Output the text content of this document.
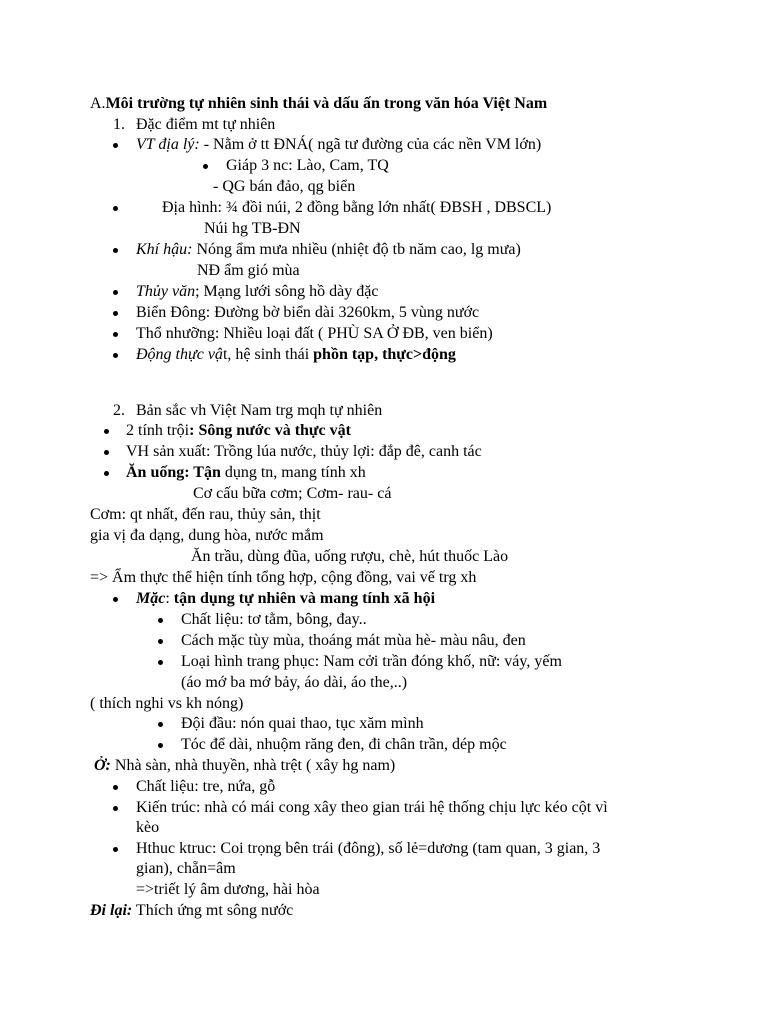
A.Môi trường tự nhiên sinh thái và dấu ấn trong văn hóa Việt Nam
1. Đặc điểm mt tự nhiên
VT địa lý: - Nằm ở tt ĐNÁ( ngã tư đường của các nền VM lớn)
Giáp 3 nc: Lào, Cam, TQ
- QG bán đảo, qg biển
Địa hình: ¾ đồi núi, 2 đồng bằng lớn nhất( ĐBSH , DBSCL)
Núi hg TB-ĐN
Khí hậu: Nóng ẩm mưa nhiều (nhiệt độ tb năm cao, lg mưa)
NĐ ẩm gió mùa
Thủy văn; Mạng lưới sông hồ dày đặc
Biển Đông: Đường bờ biển dài 3260km, 5 vùng nước
Thổ nhưỡng: Nhiều loại đất ( PHÙ SA Ở ĐB, ven biển)
Động thực vật, hệ sinh thái phồn tạp, thực>động
2. Bản sắc vh Việt Nam trg mqh tự nhiên
2 tính trội: Sông nước và thực vật
VH sản xuất: Trồng lúa nước, thủy lợi: đắp đê, canh tác
Ăn uống: Tận dụng tn, mang tính xh
Cơ cấu bữa cơm; Cơm- rau- cá
Cơm: qt nhất, đến rau, thủy sản, thịt
gia vị đa dạng, dung hòa, nước mắm
Ăn trầu, dùng đũa, uống rượu, chè, hút thuốc Lào
=> Ẩm thực thể hiện tính tổng hợp, cộng đồng, vai vế trg xh
Mặc: tận dụng tự nhiên và mang tính xã hội
Chất liệu: tơ tằm, bông, đay..
Cách mặc tùy mùa, thoáng mát mùa hè- màu nâu, đen
Loại hình trang phục: Nam cởi trần đóng khố, nữ: váy, yếm
(áo mớ ba mớ bảy, áo dài, áo the,..)
( thích nghi vs kh nóng)
Đội đầu: nón quai thao, tục xăm mình
Tóc để dài, nhuộm răng đen, đi chân trần, dép mộc
Ở: Nhà sàn, nhà thuyền, nhà trệt ( xây hg nam)
Chất liệu: tre, nứa, gỗ
Kiến trúc: nhà có mái cong xây theo gian trái hệ thống chịu lực kéo cột vì
kèo
Hthuc ktruc: Coi trọng bên trái (đông), số lẻ=dương (tam quan, 3 gian, 3
gian), chẵn=âm
=>triết lý âm dương, hài hòa
Đi lại: Thích ứng mt sông nước
